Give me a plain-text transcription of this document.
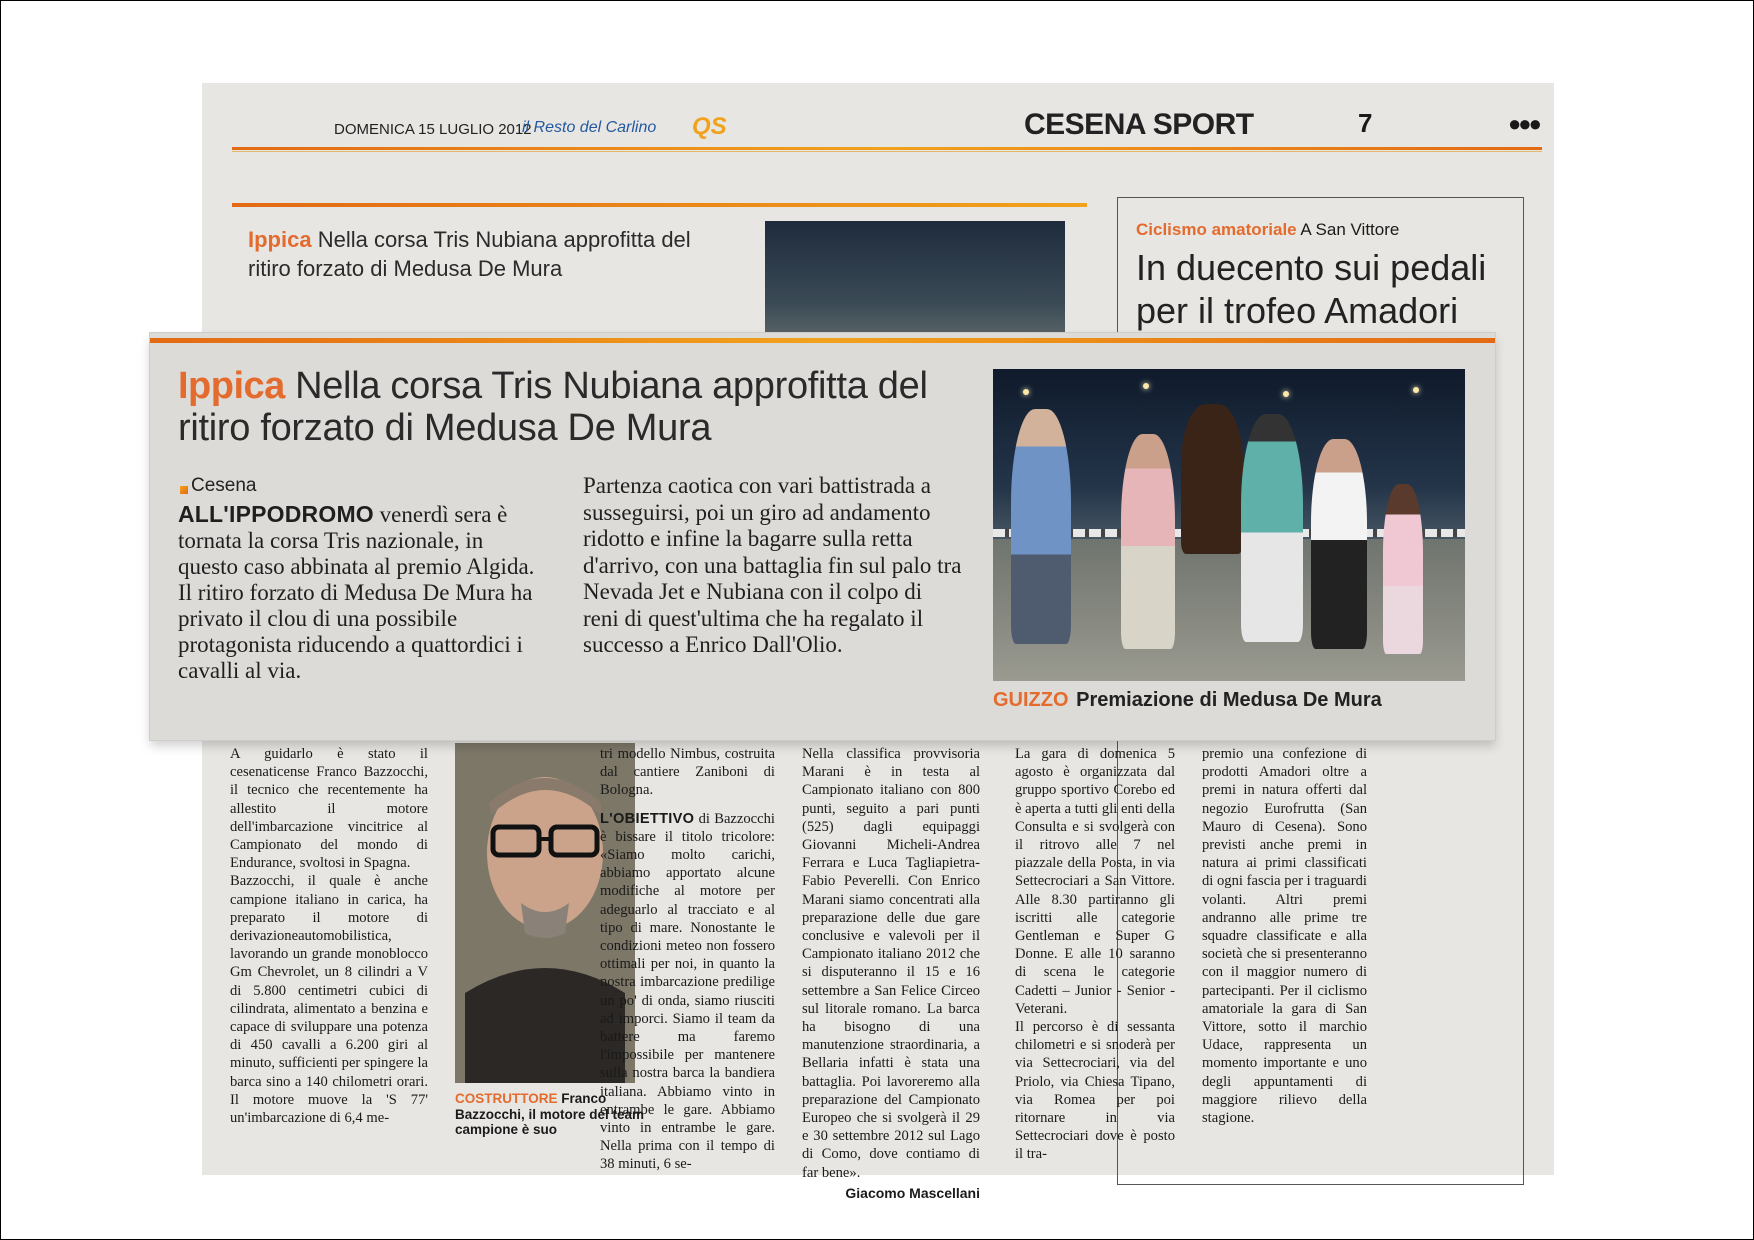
DOMENICA 15 LUGLIO 2012
il Resto del Carlino QS	CESENA SPORT	7	●●●
Ippica Nella corsa Tris Nubiana approfitta del ritiro forzato di Medusa De Mura
Ciclismo amatoriale A San Vittore
In duecento sui pedali per il trofeo Amadori

A guidarlo è stato il cesenaticense Franco Bazzocchi, il tecnico che recentemente ha allestito il motore dell'imbarcazione vincitrice al Campionato del mondo di Endurance, svoltosi in Spagna.

Bazzocchi, il quale è anche campione italiano in carica, ha preparato il motore di derivazioneautomobilistica, lavorando un grande monoblocco Gm Chevrolet, un 8 cilindri a V di 5.800 centimetri cubici di cilindrata, alimentato a benzina e capace di sviluppare una potenza di 450 cavalli a 6.200 giri al minuto, sufficienti per spingere la barca sino a 140 chilometri orari. Il motore muove la 'S 77' un'imbarcazione di 6,4 me-

COSTRUTTORE Franco Bazzocchi, il motore del team campione è suo

tri modello Nimbus, costruita dal cantiere Zaniboni di Bologna.

L'OBIETTIVO di Bazzocchi è bissare il titolo tricolore: «Siamo molto carichi, abbiamo apportato alcune modifiche al motore per adeguarlo al tracciato e al tipo di mare. Nonostante le condizioni meteo non fossero ottimali per noi, in quanto la nostra imbarcazione predilige un po' di onda, siamo riusciti ad imporci. Siamo il team da battere ma faremo l'impossibile per mantenere sulla nostra barca la bandiera italiana. Abbiamo vinto in entrambe le gare. Abbiamo vinto in entrambe le gare. Nella prima con il tempo di 38 minuti, 6 se-

Nella classifica provvisoria Marani è in testa al Campionato italiano con 800 punti, seguito a pari punti (525) dagli equipaggi Giovanni Micheli-Andrea Ferrara e Luca Tagliapietra-Fabio Peverelli. Con Enrico Marani siamo concentrati alla preparazione delle due gare conclusive e valevoli per il Campionato italiano 2012 che si disputeranno il 15 e 16 settembre a San Felice Circeo sul litorale romano. La barca ha bisogno di una manutenzione straordinaria, a Bellaria infatti è stata una battaglia. Poi lavoreremo alla preparazione del Campionato Europeo che si svolgerà il 29 e 30 settembre 2012 sul Lago di Como, dove contiamo di far bene».

Giacomo Mascellani

La gara di domenica 5 agosto è organizzata dal gruppo sportivo Corebo ed è aperta a tutti gli enti della Consulta e si svolgerà con il ritrovo alle 7 nel piazzale della Posta, in via Settecrociari a San Vittore. Alle 8.30 partiranno gli iscritti alle categorie Gentleman e Super G Donne. E alle 10 saranno di scena le categorie Cadetti – Junior - Senior - Veterani.

Il percorso è di sessanta chilometri e si snoderà per via Settecrociari, via del Priolo, via Chiesa Tipano, via Romea per poi ritornare in via Settecrociari dove è posto il tra-

premio una confezione di prodotti Amadori oltre a premi in natura offerti dal negozio Eurofrutta (San Mauro di Cesena). Sono previsti anche premi in natura ai primi classificati di ogni fascia per i traguardi volanti. Altri premi andranno alle prime tre squadre classificate e alla società che si presenteranno con il maggior numero di partecipanti. Per il ciclismo amatoriale la gara di San Vittore, sotto il marchio Udace, rappresenta un momento importante e uno degli appuntamenti di maggiore rilievo della stagione.

Ippica Nella corsa Tris Nubiana approfitta del ritiro forzato di Medusa De Mura
Cesena
ALL'IPPODROMO venerdì sera è tornata la corsa Tris nazionale, in questo caso abbinata al premio Algida. Il ritiro forzato di Medusa De Mura ha privato il clou di una possibile protagonista riducendo a quattordici i cavalli al via.
Partenza caotica con vari battistrada a susseguirsi, poi un giro ad andamento ridotto e infine la bagarre sulla retta d'arrivo, con una battaglia fin sul palo tra Nevada Jet e Nubiana con il colpo di reni di quest'ultima che ha regalato il successo a Enrico Dall'Olio.
GUIZZO Premiazione di Medusa De Mura
